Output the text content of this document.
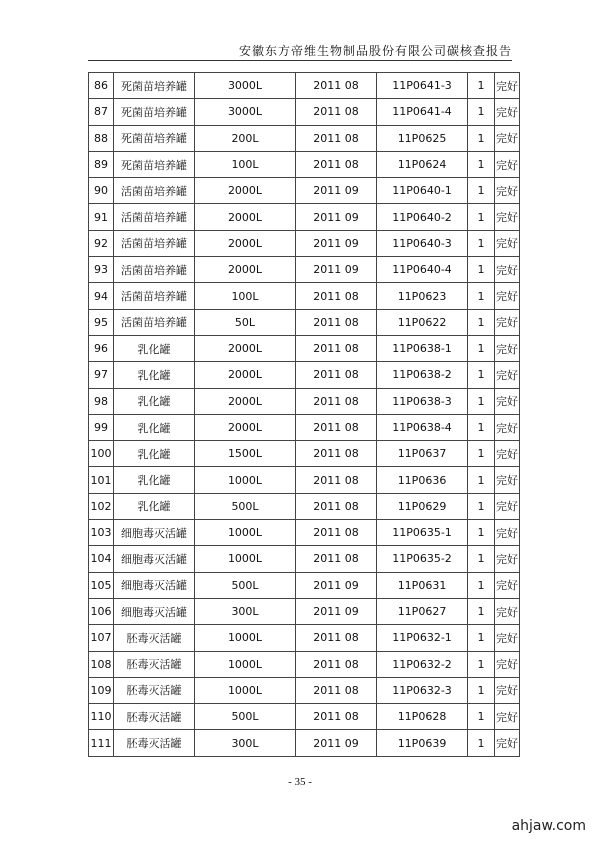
安徽东方帝维生物制品股份有限公司碳核查报告
86	死菌苗培养罐	3000L	2011 08	11P0641-3	1	完好
87	死菌苗培养罐	3000L	2011 08	11P0641-4	1	完好
88	死菌苗培养罐	200L	2011 08	11P0625	1	完好
89	死菌苗培养罐	100L	2011 08	11P0624	1	完好
90	活菌苗培养罐	2000L	2011 09	11P0640-1	1	完好
91	活菌苗培养罐	2000L	2011 09	11P0640-2	1	完好
92	活菌苗培养罐	2000L	2011 09	11P0640-3	1	完好
93	活菌苗培养罐	2000L	2011 09	11P0640-4	1	完好
94	活菌苗培养罐	100L	2011 08	11P0623	1	完好
95	活菌苗培养罐	50L	2011 08	11P0622	1	完好
96	乳化罐	2000L	2011 08	11P0638-1	1	完好
97	乳化罐	2000L	2011 08	11P0638-2	1	完好
98	乳化罐	2000L	2011 08	11P0638-3	1	完好
99	乳化罐	2000L	2011 08	11P0638-4	1	完好
100	乳化罐	1500L	2011 08	11P0637	1	完好
101	乳化罐	1000L	2011 08	11P0636	1	完好
102	乳化罐	500L	2011 08	11P0629	1	完好
103	细胞毒灭活罐	1000L	2011 08	11P0635-1	1	完好
104	细胞毒灭活罐	1000L	2011 08	11P0635-2	1	完好
105	细胞毒灭活罐	500L	2011 09	11P0631	1	完好
106	细胞毒灭活罐	300L	2011 09	11P0627	1	完好
107	胚毒灭活罐	1000L	2011 08	11P0632-1	1	完好
108	胚毒灭活罐	1000L	2011 08	11P0632-2	1	完好
109	胚毒灭活罐	1000L	2011 08	11P0632-3	1	完好
110	胚毒灭活罐	500L	2011 08	11P0628	1	完好
111	胚毒灭活罐	300L	2011 09	11P0639	1	完好
- 35 -
ahjaw.com
